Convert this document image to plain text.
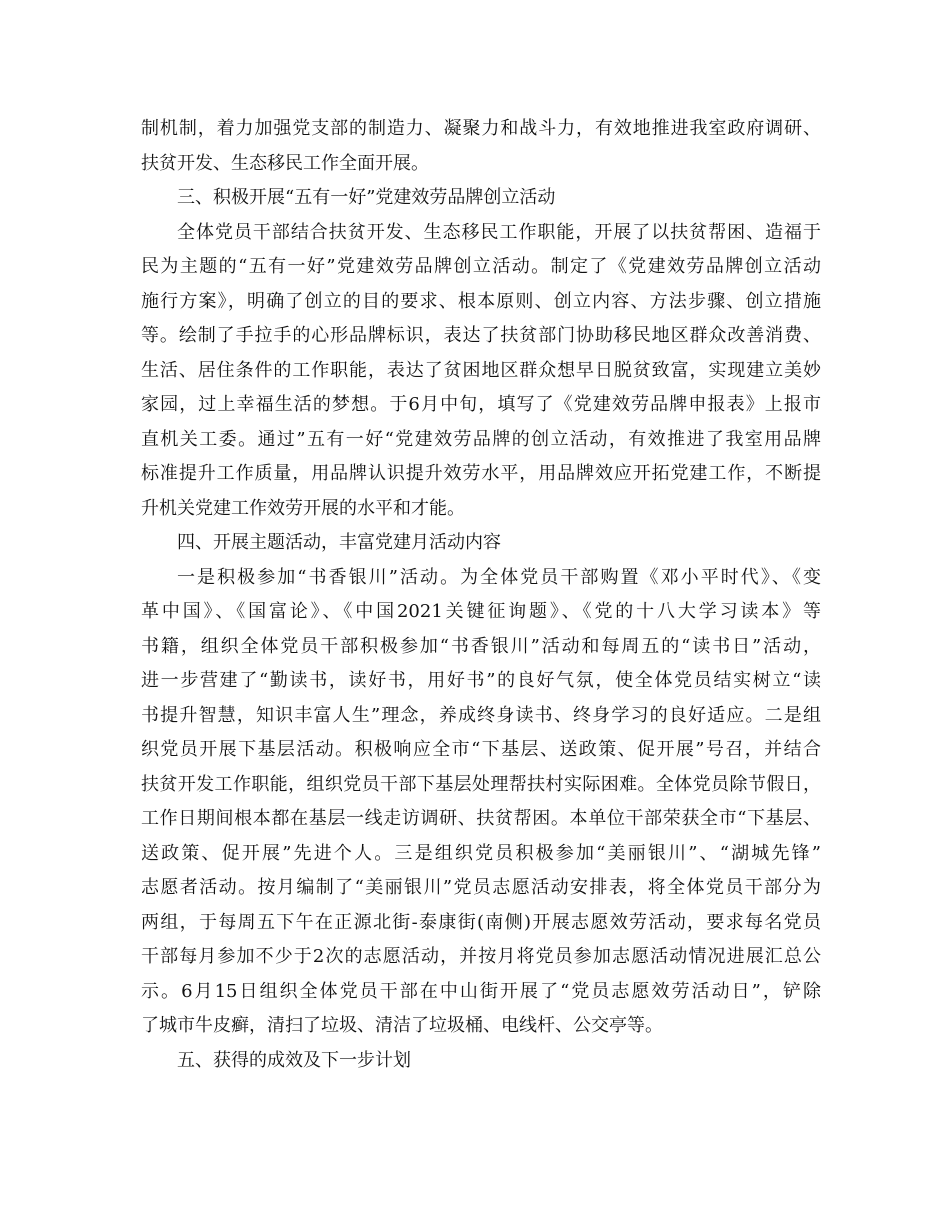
制机制，着力加强党支部的制造力、凝聚力和战斗力，有效地推进我室政府调研、
扶贫开发、生态移民工作全面开展。
三、积极开展“五有一好”党建效劳品牌创立活动
全体党员干部结合扶贫开发、生态移民工作职能，开展了以扶贫帮困、造福于
民为主题的“五有一好”党建效劳品牌创立活动。制定了《党建效劳品牌创立活动
施行方案》，明确了创立的目的要求、根本原则、创立内容、方法步骤、创立措施
等。绘制了手拉手的心形品牌标识，表达了扶贫部门协助移民地区群众改善消费、
生活、居住条件的工作职能，表达了贫困地区群众想早日脱贫致富，实现建立美妙
家园，过上幸福生活的梦想。于6月中旬，填写了《党建效劳品牌申报表》上报市
直机关工委。通过”五有一好“党建效劳品牌的创立活动，有效推进了我室用品牌
标准提升工作质量，用品牌认识提升效劳水平，用品牌效应开拓党建工作，不断提
升机关党建工作效劳开展的水平和才能。
四、开展主题活动，丰富党建月活动内容
一是积极参加“书香银川”活动。为全体党员干部购置《邓小平时代》、《变
革中国》、《国富论》、《中国2021关键征询题》、《党的十八大学习读本》等
书籍，组织全体党员干部积极参加“书香银川”活动和每周五的“读书日”活动，
进一步营建了“勤读书，读好书，用好书”的良好气氛，使全体党员结实树立“读
书提升智慧，知识丰富人生”理念，养成终身读书、终身学习的良好适应。二是组
织党员开展下基层活动。积极响应全市“下基层、送政策、促开展”号召，并结合
扶贫开发工作职能，组织党员干部下基层处理帮扶村实际困难。全体党员除节假日，
工作日期间根本都在基层一线走访调研、扶贫帮困。本单位干部荣获全市“下基层、
送政策、促开展”先进个人。三是组织党员积极参加“美丽银川”、“湖城先锋”
志愿者活动。按月编制了“美丽银川”党员志愿活动安排表，将全体党员干部分为
两组，于每周五下午在正源北街-泰康街(南侧)开展志愿效劳活动，要求每名党员
干部每月参加不少于2次的志愿活动，并按月将党员参加志愿活动情况进展汇总公
示。6月15日组织全体党员干部在中山街开展了“党员志愿效劳活动日”，铲除
了城市牛皮癣，清扫了垃圾、清洁了垃圾桶、电线杆、公交亭等。
五、获得的成效及下一步计划
